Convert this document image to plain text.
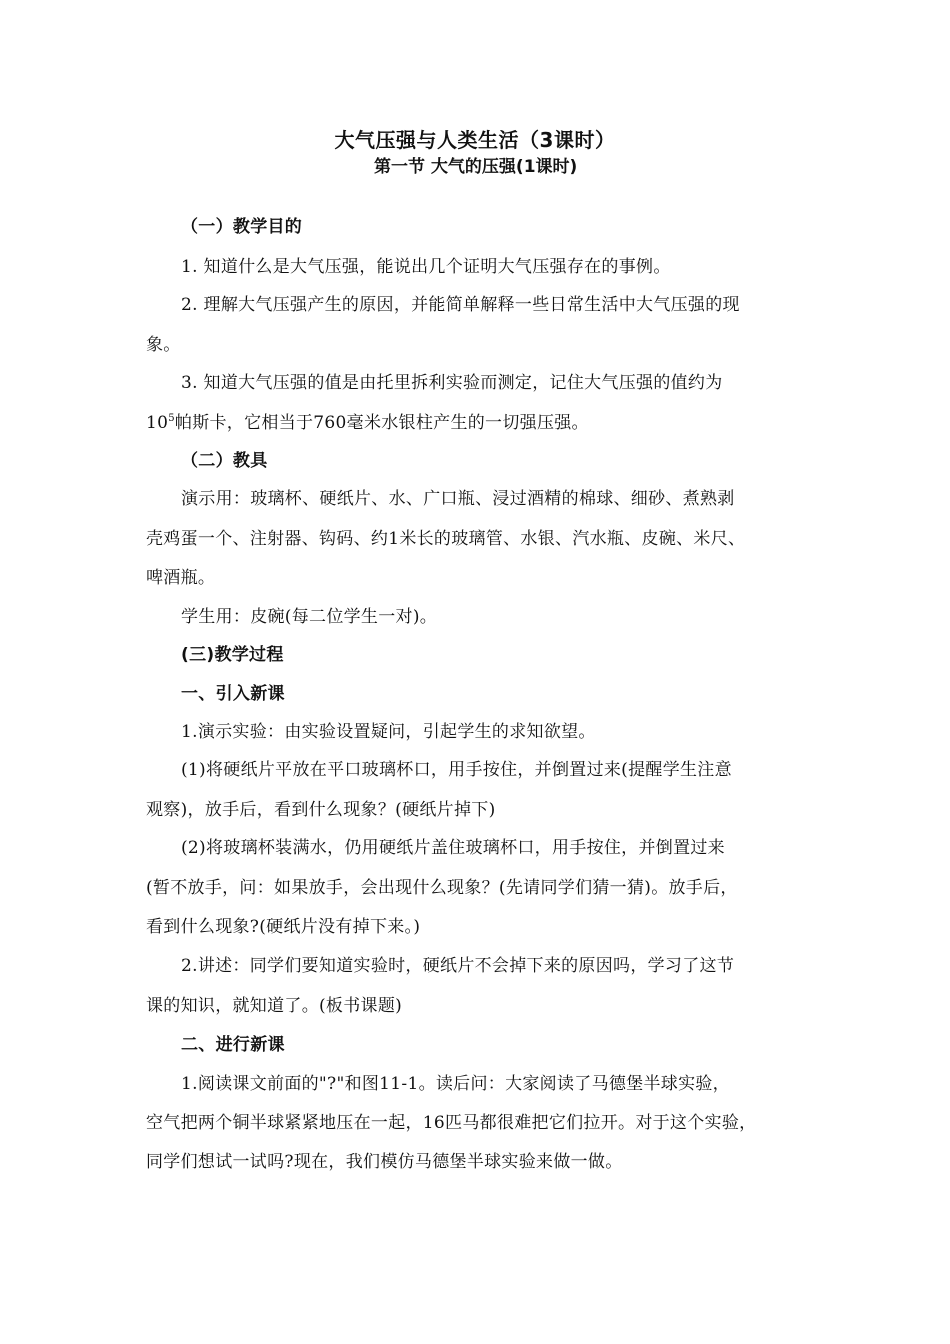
大气压强与人类生活（3课时）
第一节 大气的压强(1课时)
（一）教学目的
1. 知道什么是大气压强，能说出几个证明大气压强存在的事例。
2. 理解大气压强产生的原因，并能简单解释一些日常生活中大气压强的现
象。
3. 知道大气压强的值是由托里拆利实验而测定，记住大气压强的值约为
$10^5$帕斯卡，它相当于760毫米水银柱产生的一切强压强。
（二）教具
演示用：玻璃杯、硬纸片、水、广口瓶、浸过酒精的棉球、细砂、煮熟剥
壳鸡蛋一个、注射器、钩码、约1米长的玻璃管、水银、汽水瓶、皮碗、米尺、
啤酒瓶。
学生用：皮碗(每二位学生一对)。
(三)教学过程
一、引入新课
1.演示实验：由实验设置疑问，引起学生的求知欲望。
(1)将硬纸片平放在平口玻璃杯口，用手按住，并倒置过来(提醒学生注意
观察)，放手后，看到什么现象？(硬纸片掉下)
(2)将玻璃杯装满水，仍用硬纸片盖住玻璃杯口，用手按住，并倒置过来
(暂不放手，问：如果放手，会出现什么现象？(先请同学们猜一猜)。放手后，
看到什么现象?(硬纸片没有掉下来。)
2.讲述：同学们要知道实验时，硬纸片不会掉下来的原因吗，学习了这节
课的知识，就知道了。(板书课题)
二、进行新课
1.阅读课文前面的"?"和图11-1。读后问：大家阅读了马德堡半球实验，
空气把两个铜半球紧紧地压在一起，16匹马都很难把它们拉开。对于这个实验，
同学们想试一试吗?现在，我们模仿马德堡半球实验来做一做。
